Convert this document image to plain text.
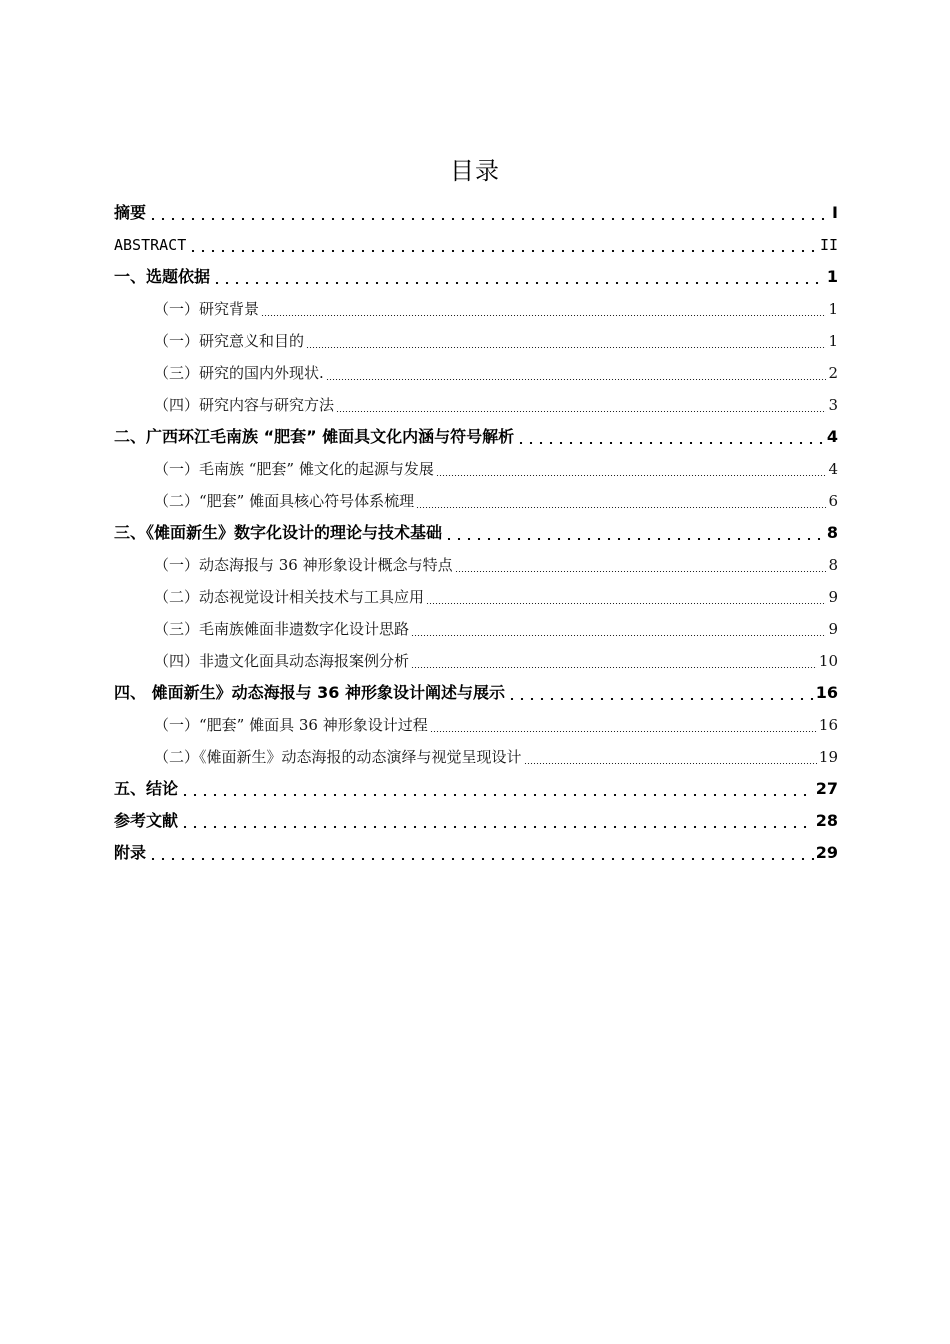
目录
摘要	I
ABSTRACT	II
一、选题依据	1
（一）研究背景	1
（一）研究意义和目的	1
（三）研究的国内外现状.	2
（四）研究内容与研究方法	3
二、广西环江毛南族 “肥套” 傩面具文化内涵与符号解析	4
（一）毛南族 “肥套” 傩文化的起源与发展	4
（二）“肥套” 傩面具核心符号体系梳理	6
三、《傩面新生》数字化设计的理论与技术基础	8
（一）动态海报与 36 神形象设计概念与特点	8
（二）动态视觉设计相关技术与工具应用	9
（三）毛南族傩面非遗数字化设计思路	9
（四）非遗文化面具动态海报案例分析	10
四、 傩面新生》动态海报与 36 神形象设计阐述与展示	16
（一）“肥套” 傩面具 36 神形象设计过程	16
（二）《傩面新生》动态海报的动态演绎与视觉呈现设计	19
五、结论	27
参考文献	28
附录	29
